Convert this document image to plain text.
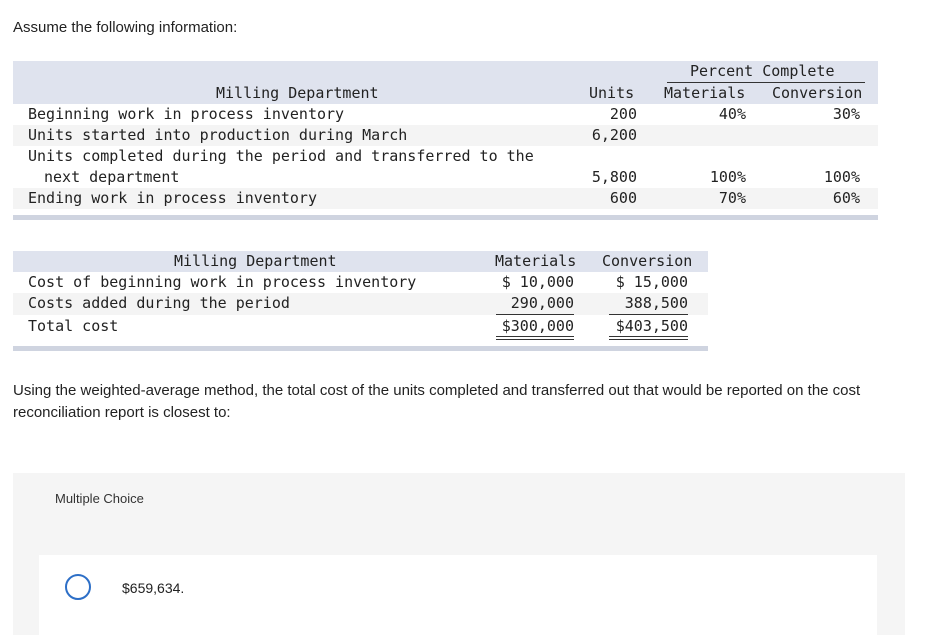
Assume the following information:
Percent Complete
Milling Department	Units Materials Conversion
Beginning work in process inventory	200	40%	30%
Units started into production during March	6,200
Units completed during the period and transferred to the
next department	5,800	100%	100%
Ending work in process inventory	600	70%	60%
Milling Department	Materials Conversion
Cost of beginning work in process inventory	$ 10,000	$ 15,000
Costs added during the period	290,000	388,500
Total cost	$300,000	$403,500
Using the weighted-average method, the total cost of the units completed and transferred out that would be reported on the cost reconciliation report is closest to:
Multiple Choice
$659,634.
